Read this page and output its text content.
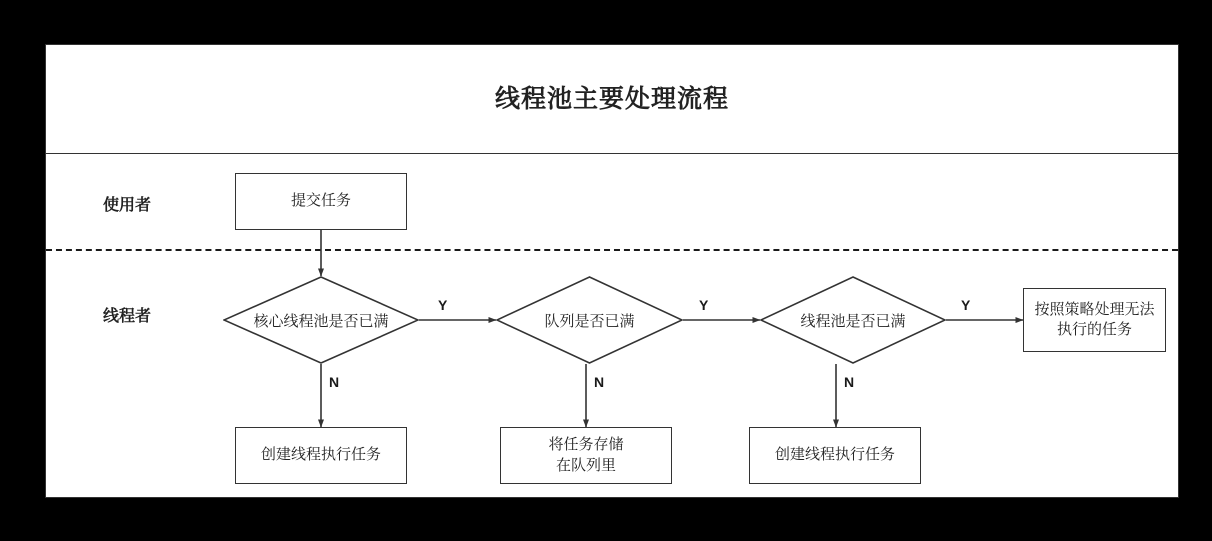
线程池主要处理流程
使用者
线程者
提交任务
核心线程池是否已满	队列是否已满	线程池是否已满
按照策略处理无法
执行的任务
创建线程执行任务
将任务存储
在队列里
创建线程执行任务
Y	Y	Y
N	N	N
